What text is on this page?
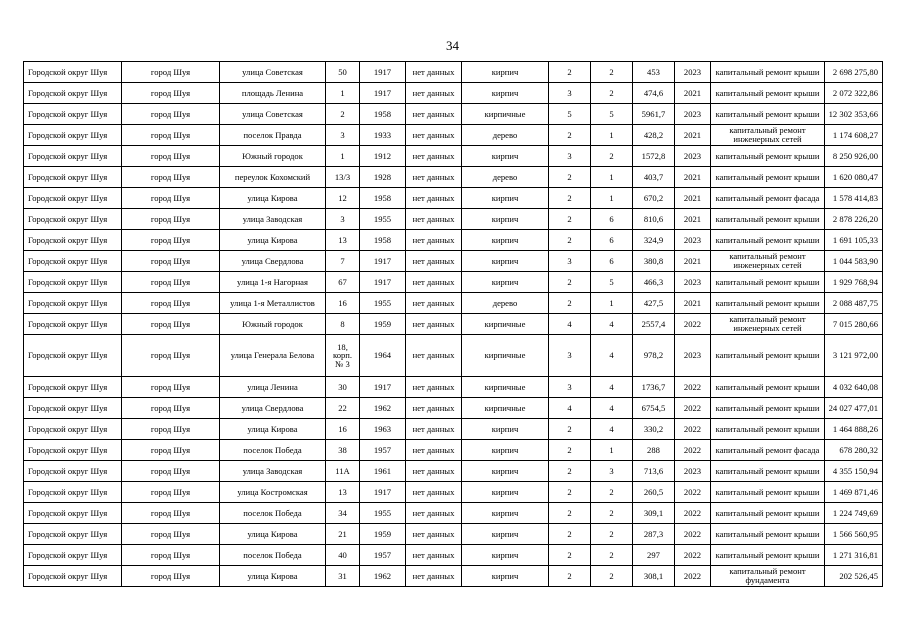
34
Городской округ Шуя	город Шуя	улица Советская	50	1917	нет данных	кирпич	2	2	453	2023	капитальный ремонт крыши	2 698 275,80
Городской округ Шуя	город Шуя	площадь Ленина	1	1917	нет данных	кирпич	3	2	474,6	2021	капитальный ремонт крыши	2 072 322,86
Городской округ Шуя	город Шуя	улица Советская	2	1958	нет данных	кирпичные	5	5	5961,7	2023	капитальный ремонт крыши	12 302 353,66
Городской округ Шуя	город Шуя	поселок Правда	3	1933	нет данных	дерево	2	1	428,2	2021	капитальный ремонт инженерных сетей	1 174 608,27
Городской округ Шуя	город Шуя	Южный городок	1	1912	нет данных	кирпич	3	2	1572,8	2023	капитальный ремонт крыши	8 250 926,00
Городской округ Шуя	город Шуя	переулок Кохомский	13/3	1928	нет данных	дерево	2	1	403,7	2021	капитальный ремонт крыши	1 620 080,47
Городской округ Шуя	город Шуя	улица Кирова	12	1958	нет данных	кирпич	2	1	670,2	2021	капитальный ремонт фасада	1 578 414,83
Городской округ Шуя	город Шуя	улица Заводская	3	1955	нет данных	кирпич	2	6	810,6	2021	капитальный ремонт крыши	2 878 226,20
Городской округ Шуя	город Шуя	улица Кирова	13	1958	нет данных	кирпич	2	6	324,9	2023	капитальный ремонт крыши	1 691 105,33
Городской округ Шуя	город Шуя	улица Свердлова	7	1917	нет данных	кирпич	3	6	380,8	2021	капитальный ремонт инженерных сетей	1 044 583,90
Городской округ Шуя	город Шуя	улица 1-я Нагорная	67	1917	нет данных	кирпич	2	5	466,3	2023	капитальный ремонт крыши	1 929 768,94
Городской округ Шуя	город Шуя	улица 1-я Металлистов	16	1955	нет данных	дерево	2	1	427,5	2021	капитальный ремонт крыши	2 088 487,75
Городской округ Шуя	город Шуя	Южный городок	8	1959	нет данных	кирпичные	4	4	2557,4	2022	капитальный ремонт инженерных сетей	7 015 280,66
Городской округ Шуя	город Шуя	улица Генерала Белова	18, корп. № 3	1964	нет данных	кирпичные	3	4	978,2	2023	капитальный ремонт крыши	3 121 972,00
Городской округ Шуя	город Шуя	улица Ленина	30	1917	нет данных	кирпичные	3	4	1736,7	2022	капитальный ремонт крыши	4 032 640,08
Городской округ Шуя	город Шуя	улица Свердлова	22	1962	нет данных	кирпичные	4	4	6754,5	2022	капитальный ремонт крыши	24 027 477,01
Городской округ Шуя	город Шуя	улица Кирова	16	1963	нет данных	кирпич	2	4	330,2	2022	капитальный ремонт крыши	1 464 888,26
Городской округ Шуя	город Шуя	поселок Победа	38	1957	нет данных	кирпич	2	1	288	2022	капитальный ремонт фасада	678 280,32
Городской округ Шуя	город Шуя	улица Заводская	11А	1961	нет данных	кирпич	2	3	713,6	2023	капитальный ремонт крыши	4 355 150,94
Городской округ Шуя	город Шуя	улица Костромская	13	1917	нет данных	кирпич	2	2	260,5	2022	капитальный ремонт крыши	1 469 871,46
Городской округ Шуя	город Шуя	поселок Победа	34	1955	нет данных	кирпич	2	2	309,1	2022	капитальный ремонт крыши	1 224 749,69
Городской округ Шуя	город Шуя	улица Кирова	21	1959	нет данных	кирпич	2	2	287,3	2022	капитальный ремонт крыши	1 566 560,95
Городской округ Шуя	город Шуя	поселок Победа	40	1957	нет данных	кирпич	2	2	297	2022	капитальный ремонт крыши	1 271 316,81
Городской округ Шуя	город Шуя	улица Кирова	31	1962	нет данных	кирпич	2	2	308,1	2022	капитальный ремонт фундамента	202 526,45
